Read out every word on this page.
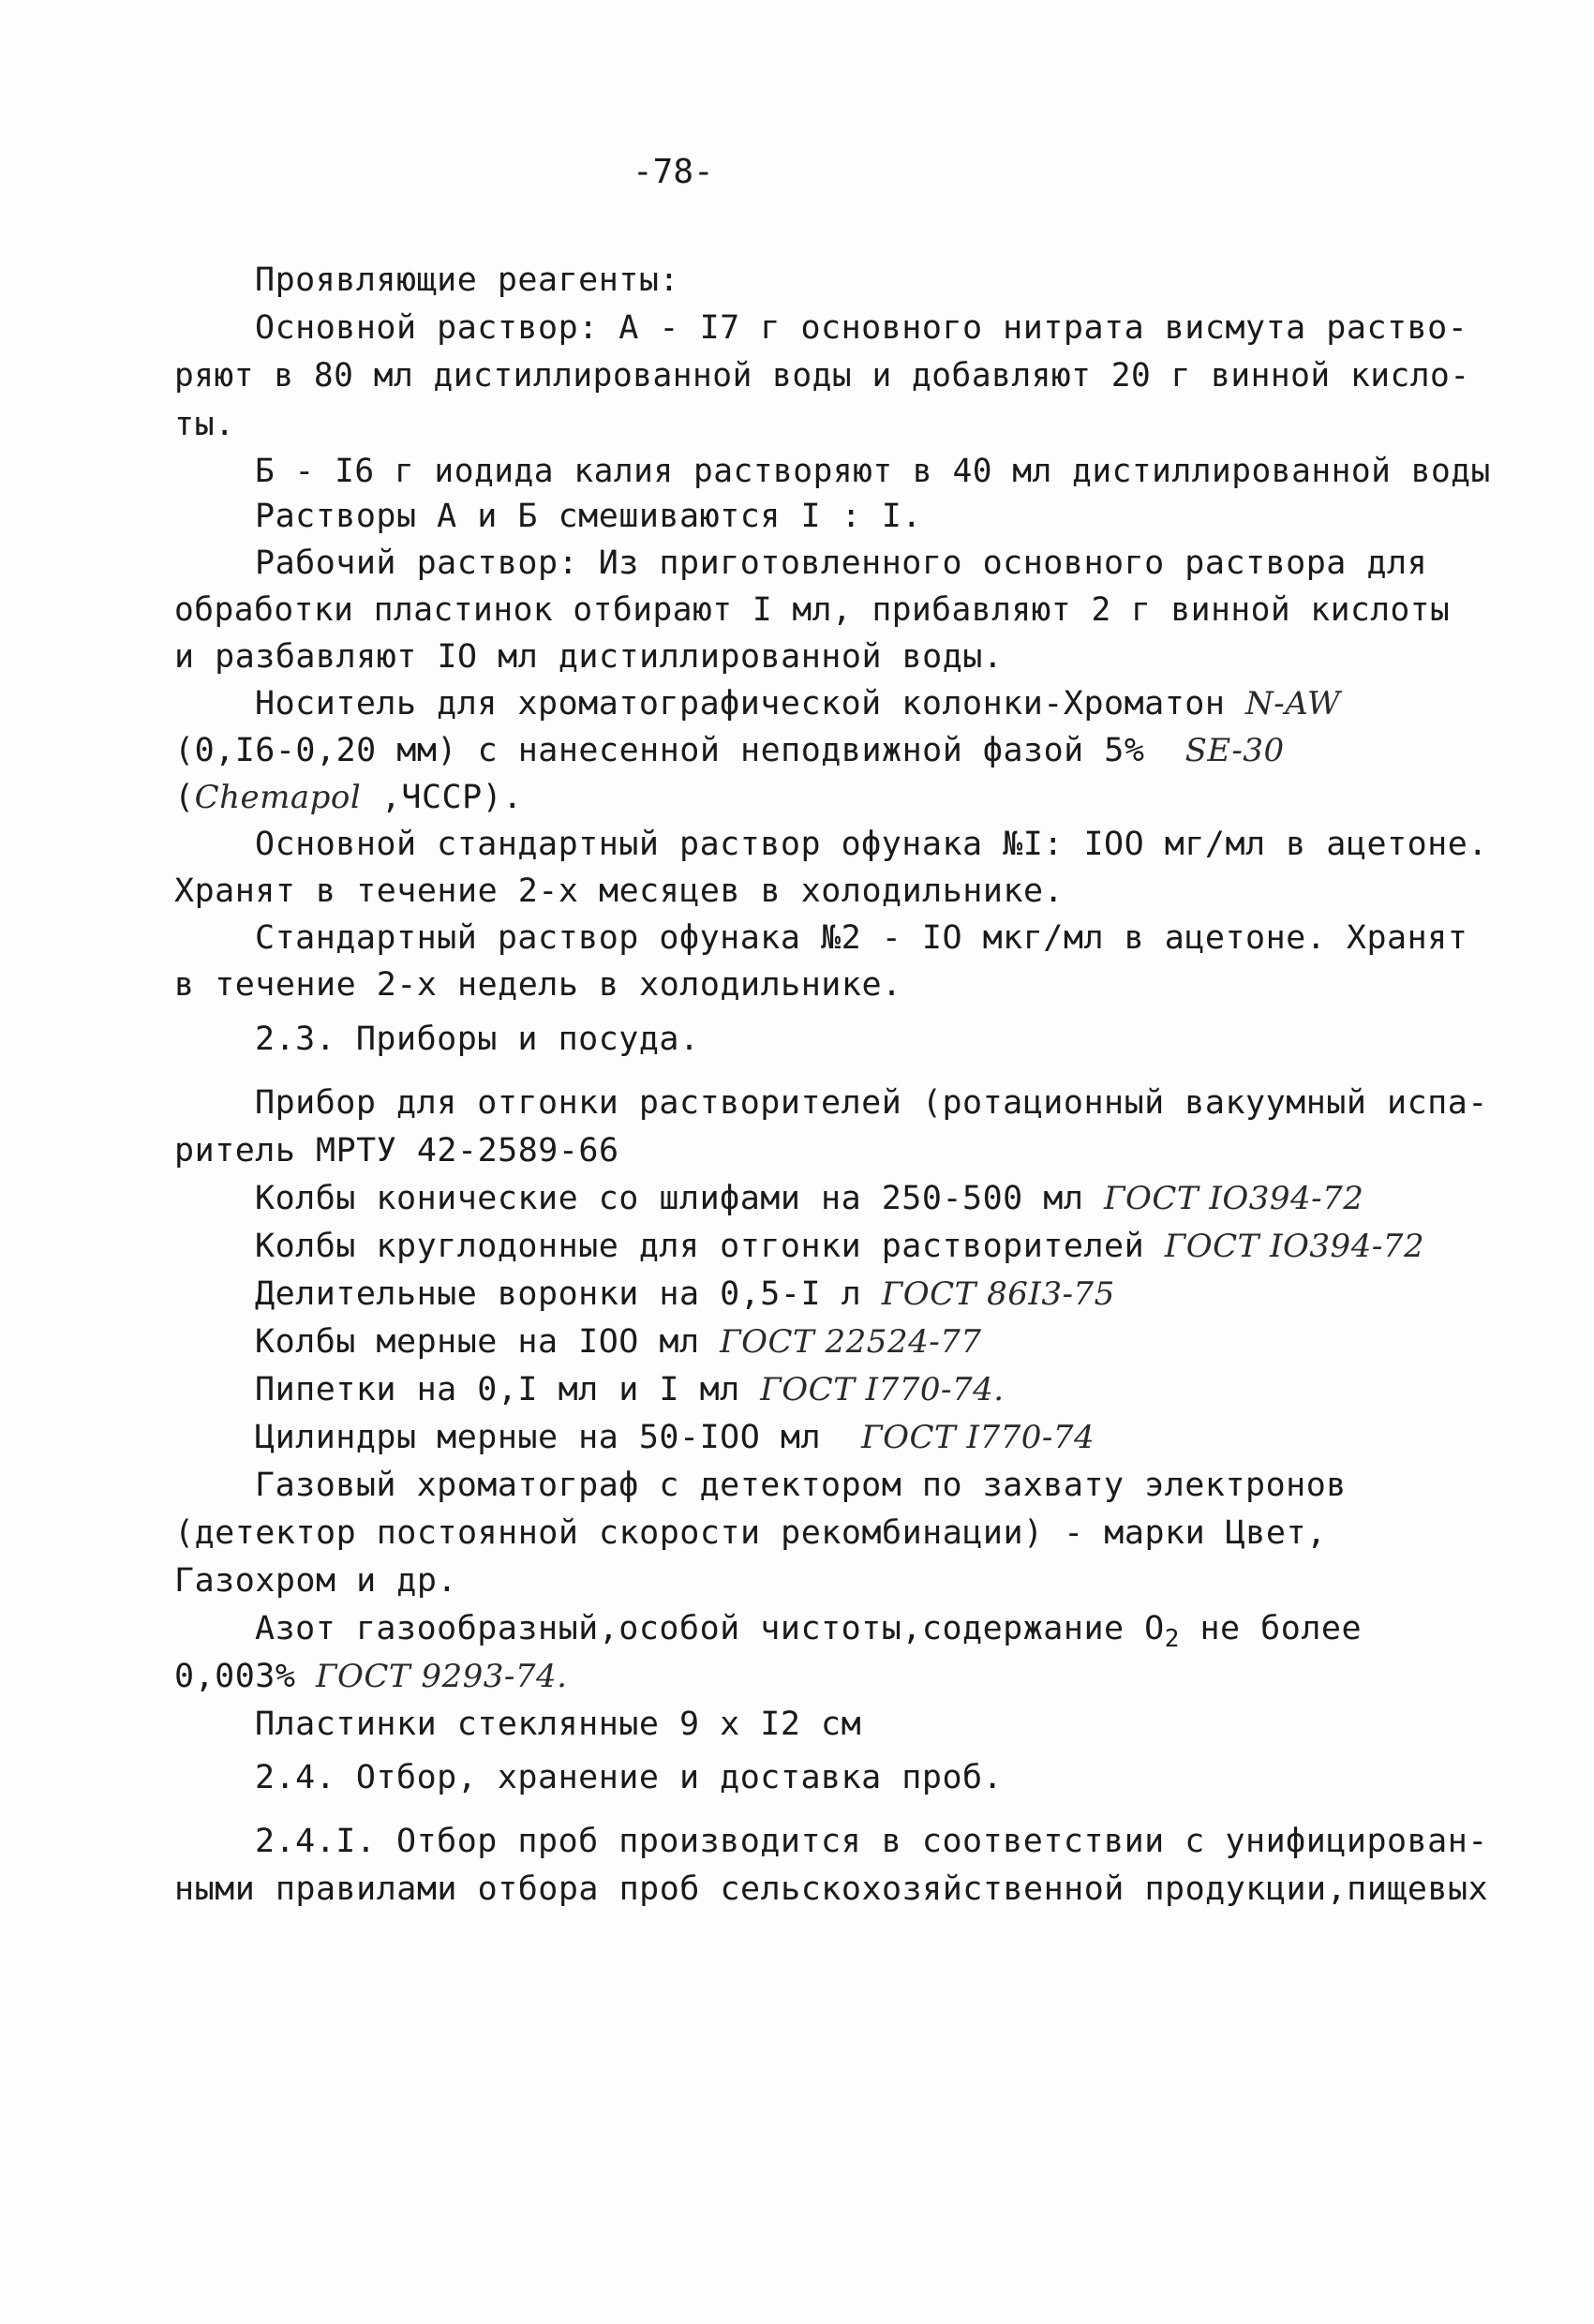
-78-
Проявляющие реагенты:
Основной раствор: А - I7 г основного нитрата висмута раство-
ряют в 80 мл дистиллированной воды и добавляют 20 г винной кисло-
ты.
Б - I6 г иодида калия растворяют в 40 мл дистиллированной воды
Растворы А и Б смешиваются I : I.
Рабочий раствор: Из приготовленного основного раствора для
обработки пластинок отбирают I мл, прибавляют 2 г винной кислоты
и разбавляют IO мл дистиллированной воды.
Носитель для хроматографической колонки-Хроматон N-AW
(0,I6-0,20 мм) с нанесенной неподвижной фазой 5%  SE-30
(Chemapol ,ЧССР).
Основной стандартный раствор офунака №I: IOO мг/мл в ацетоне.
Хранят в течение 2-х месяцев в холодильнике.
Стандартный раствор офунака №2 - IO мкг/мл в ацетоне. Хранят
в течение 2-х недель в холодильнике.
2.3. Приборы и посуда.
Прибор для отгонки растворителей (ротационный вакуумный испа-
ритель МРТУ 42-2589-66
Колбы конические со шлифами на 250-500 мл ГОСТ IO394-72
Колбы круглодонные для отгонки растворителей ГОСТ IO394-72
Делительные воронки на 0,5-I л ГОСТ 86I3-75
Колбы мерные на IOO мл ГОСТ 22524-77
Пипетки на 0,I мл и I мл ГОСТ I770-74.
Цилиндры мерные на 50-IOO мл  ГОСТ I770-74
Газовый хроматограф с детектором по захвату электронов
(детектор постоянной скорости рекомбинации) - марки Цвет,
Газохром и др.
Азот газообразный,особой чистоты,содержание $O_2$ не более
0,003% ГОСТ 9293-74.
Пластинки стеклянные 9 х I2 см
2.4. Отбор, хранение и доставка проб.
2.4.I. Отбор проб производится в соответствии с унифицирован-
ными правилами отбора проб сельскохозяйственной продукции,пищевых
